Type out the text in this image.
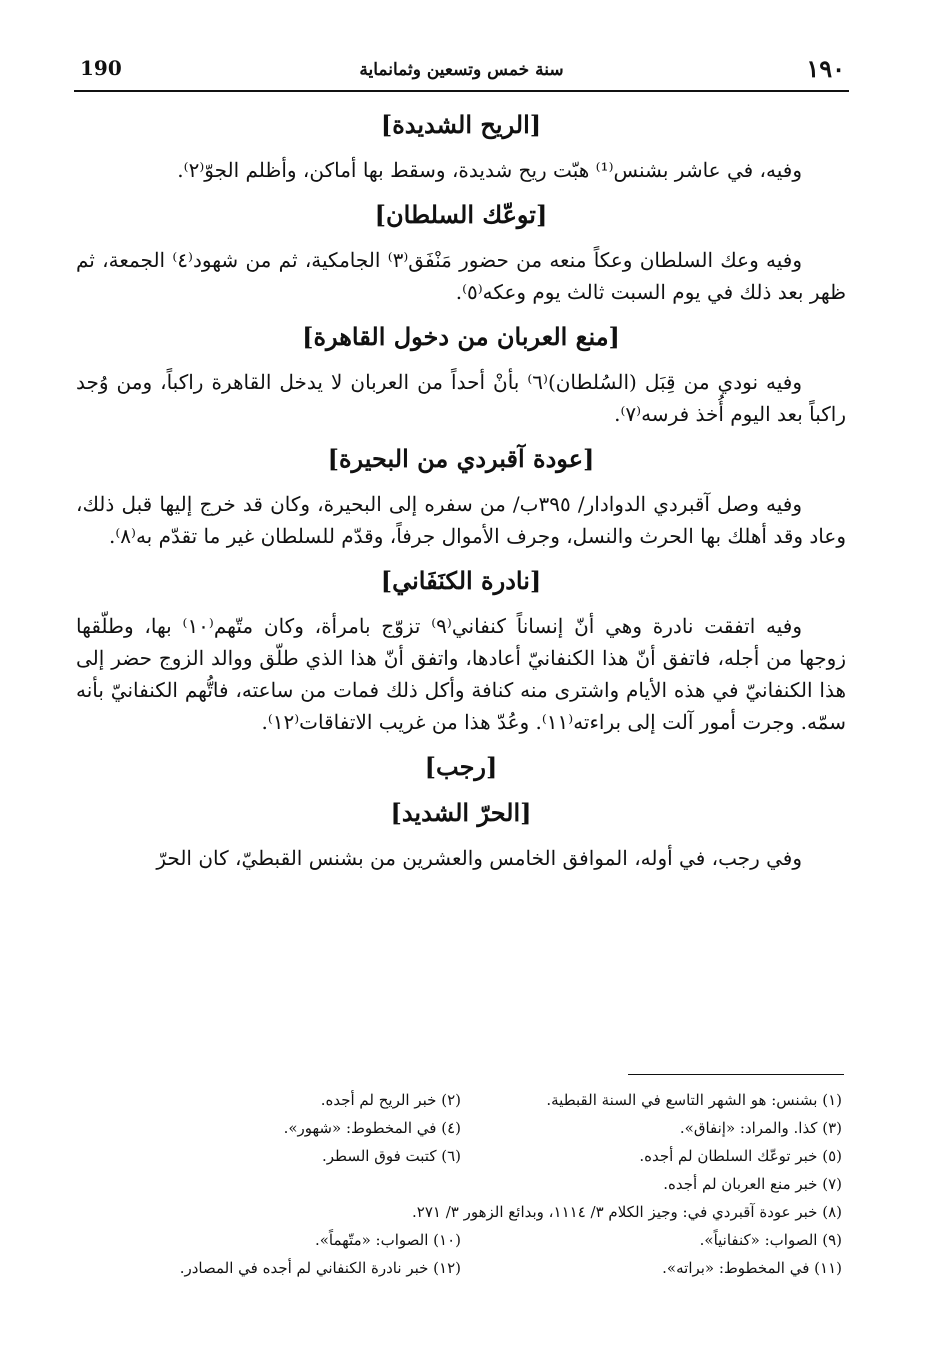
190	سنة خمس وتسعين وثمانماية	١٩٠
[الريح الشديدة]

وفيه، في عاشر بشنس⁽¹⁾ هبّت ريح شديدة، وسقط بها أماكن، وأظلم الجوّ⁽٢⁾.

[توعّك السلطان]

وفيه وعك السلطان وعكاً منعه من حضور مَنْفَق⁽٣⁾ الجامكية، ثم من شهود⁽٤⁾ الجمعة، ثم ظهر بعد ذلك في يوم السبت ثالث يوم وعكه⁽٥⁾.

[منع العربان من دخول القاهرة]

وفيه نودي من قِبَل (السُلطان)⁽٦⁾ بأنْ أحداً من العربان لا يدخل القاهرة راكباً، ومن وُجد راكباً بعد اليوم أُخذ فرسه⁽٧⁾.

[عودة آقبردي من البحيرة]

وفيه وصل آقبردي الدوادار/ ٣٩٥ب/ من سفره إلى البحيرة، وكان قد خرج إليها قبل ذلك، وعاد وقد أهلك بها الحرث والنسل، وجرف الأموال جرفاً، وقدّم للسلطان غير ما تقدّم به⁽٨⁾.

[نادرة الكنَفَاني]

وفيه اتفقت نادرة وهي أنّ إنساناً كنفاني⁽٩⁾ تزوّج بامرأة، وكان متّهم⁽١٠⁾ بها، وطلّقها زوجها من أجله، فاتفق أنّ هذا الكنفانيّ أعادها، واتفق أنّ هذا الذي طلّق ووالد الزوج حضر إلى هذا الكنفانيّ في هذه الأيام واشترى منه كنافة وأكل ذلك فمات من ساعته، فاتُّهم الكنفانيّ بأنه سمّه. وجرت أمور آلت إلى براءته⁽١١⁾. وعُدّ هذا من غريب الاتفاقات⁽١٢⁾.

[رجب]
[الحرّ الشديد]

وفي رجب، في أوله، الموافق الخامس والعشرين من بشنس القبطيّ، كان الحرّ

(١) بشنس: هو الشهر التاسع في السنة القبطية.
(٢) خبر الريح لم أجده.
(٣) كذا. والمراد: «إنفاق».
(٤) في المخطوط: «شهور».
(٥) خبر توعّك السلطان لم أجده.
(٦) كتبت فوق السطر.
(٧) خبر منع العربان لم أجده.
(٨) خبر عودة آقبردي في: وجيز الكلام ٣/ ١١١٤، وبدائع الزهور ٣/ ٢٧١.
(٩) الصواب: «كنفانياً».
(١٠) الصواب: «متّهماً».
(١١) في المخطوط: «براته».
(١٢) خبر نادرة الكنفاني لم أجده في المصادر.
